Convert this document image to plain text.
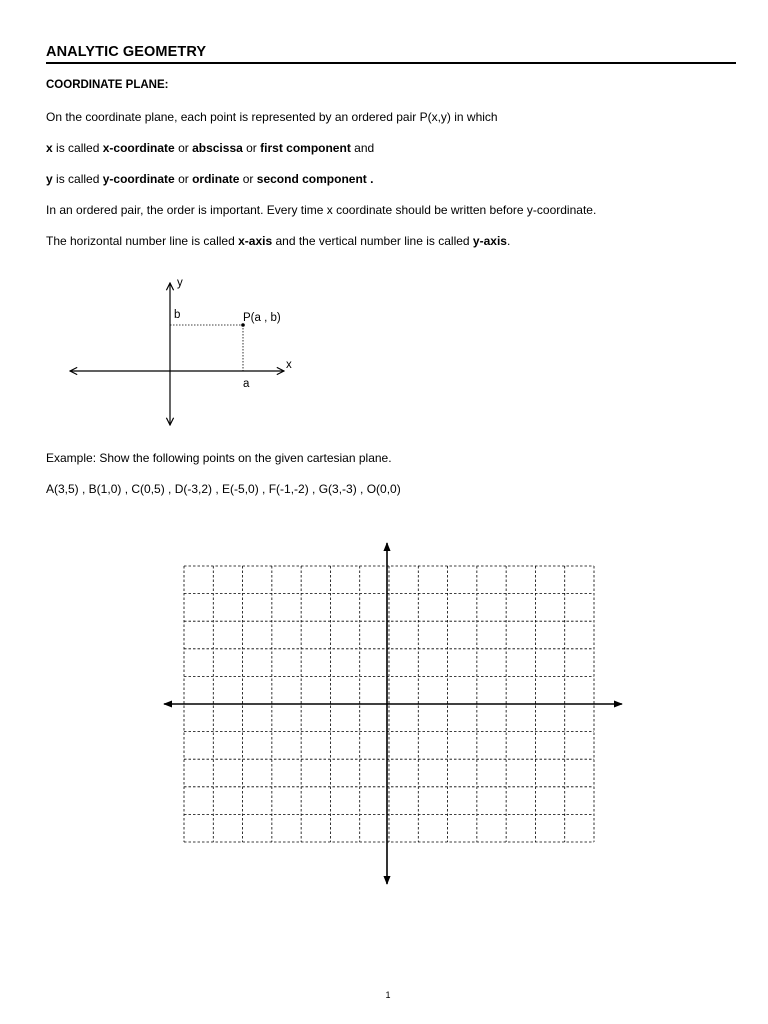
ANALYTIC GEOMETRY
COORDINATE PLANE:
On the coordinate plane, each point is represented by an ordered pair P(x,y) in which
x is called x-coordinate or abscissa or first component and
y is called y-coordinate or ordinate or second component .
In an ordered pair, the order is important. Every time x coordinate should be written before y-coordinate.
The horizontal number line is called x-axis and the vertical number line is called y-axis.
y
b	P(a , b)
x
a
Example: Show the following points on the given cartesian plane.
A(3,5) , B(1,0) , C(0,5) , D(-3,2) , E(-5,0) , F(-1,-2) , G(3,-3) , O(0,0)
1
